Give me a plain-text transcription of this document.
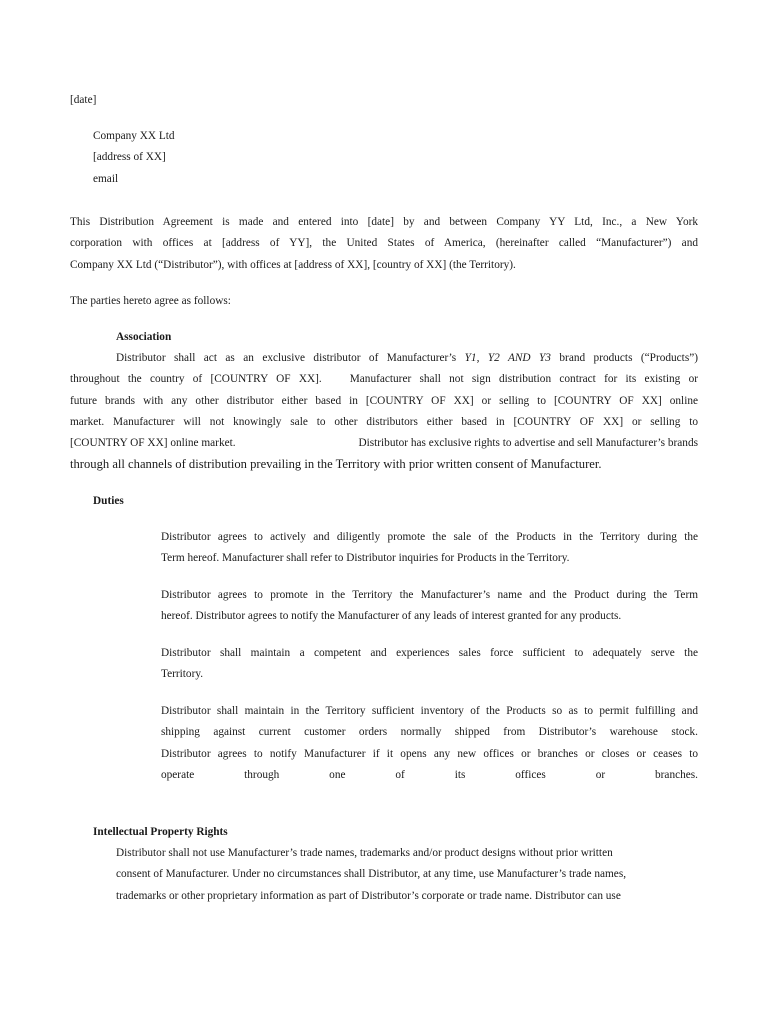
[date]
Company XX Ltd
[address of XX]
email
This Distribution Agreement is made and entered into [date] by and between Company YY Ltd, Inc., a New York
corporation with offices at [address of YY], the United States of America, (hereinafter called “Manufacturer”) and
Company XX Ltd (“Distributor”), with offices at [address of XX], [country of XX] (the Territory).
The parties hereto agree as follows:
Association
Distributor shall act as an exclusive distributor of Manufacturer’s Y1, Y2 AND Y3 brand products (“Products”)
throughout the country of [COUNTRY OF XX]. Manufacturer shall not sign distribution contract for its existing or
future brands with any other distributor either based in [COUNTRY OF XX] or selling to [COUNTRY OF XX] online
market. Manufacturer will not knowingly sale to other distributors either based in [COUNTRY OF XX] or selling to
[COUNTRY OF XX] online market.	Distributor has exclusive rights to advertise and sell Manufacturer’s brands
through all channels of distribution prevailing in the Territory with prior written consent of Manufacturer.
Duties
Distributor agrees to actively and diligently promote the sale of the Products in the Territory during the
Term hereof. Manufacturer shall refer to Distributor inquiries for Products in the Territory.
Distributor agrees to promote in the Territory the Manufacturer’s name and the Product during the Term
hereof. Distributor agrees to notify the Manufacturer of any leads of interest granted for any products.
Distributor shall maintain a competent and experiences sales force sufficient to adequately serve the
Territory.
Distributor shall maintain in the Territory sufficient inventory of the Products so as to permit fulfilling and
shipping against current customer orders normally shipped from Distributor’s warehouse stock.
Distributor agrees to notify Manufacturer if it opens any new offices or branches or closes or ceases to
operate through one of its offices or branches.
Intellectual Property Rights
Distributor shall not use Manufacturer’s trade names, trademarks and/or product designs without prior written
consent of Manufacturer. Under no circumstances shall Distributor, at any time, use Manufacturer’s trade names,
trademarks or other proprietary information as part of Distributor’s corporate or trade name. Distributor can use
